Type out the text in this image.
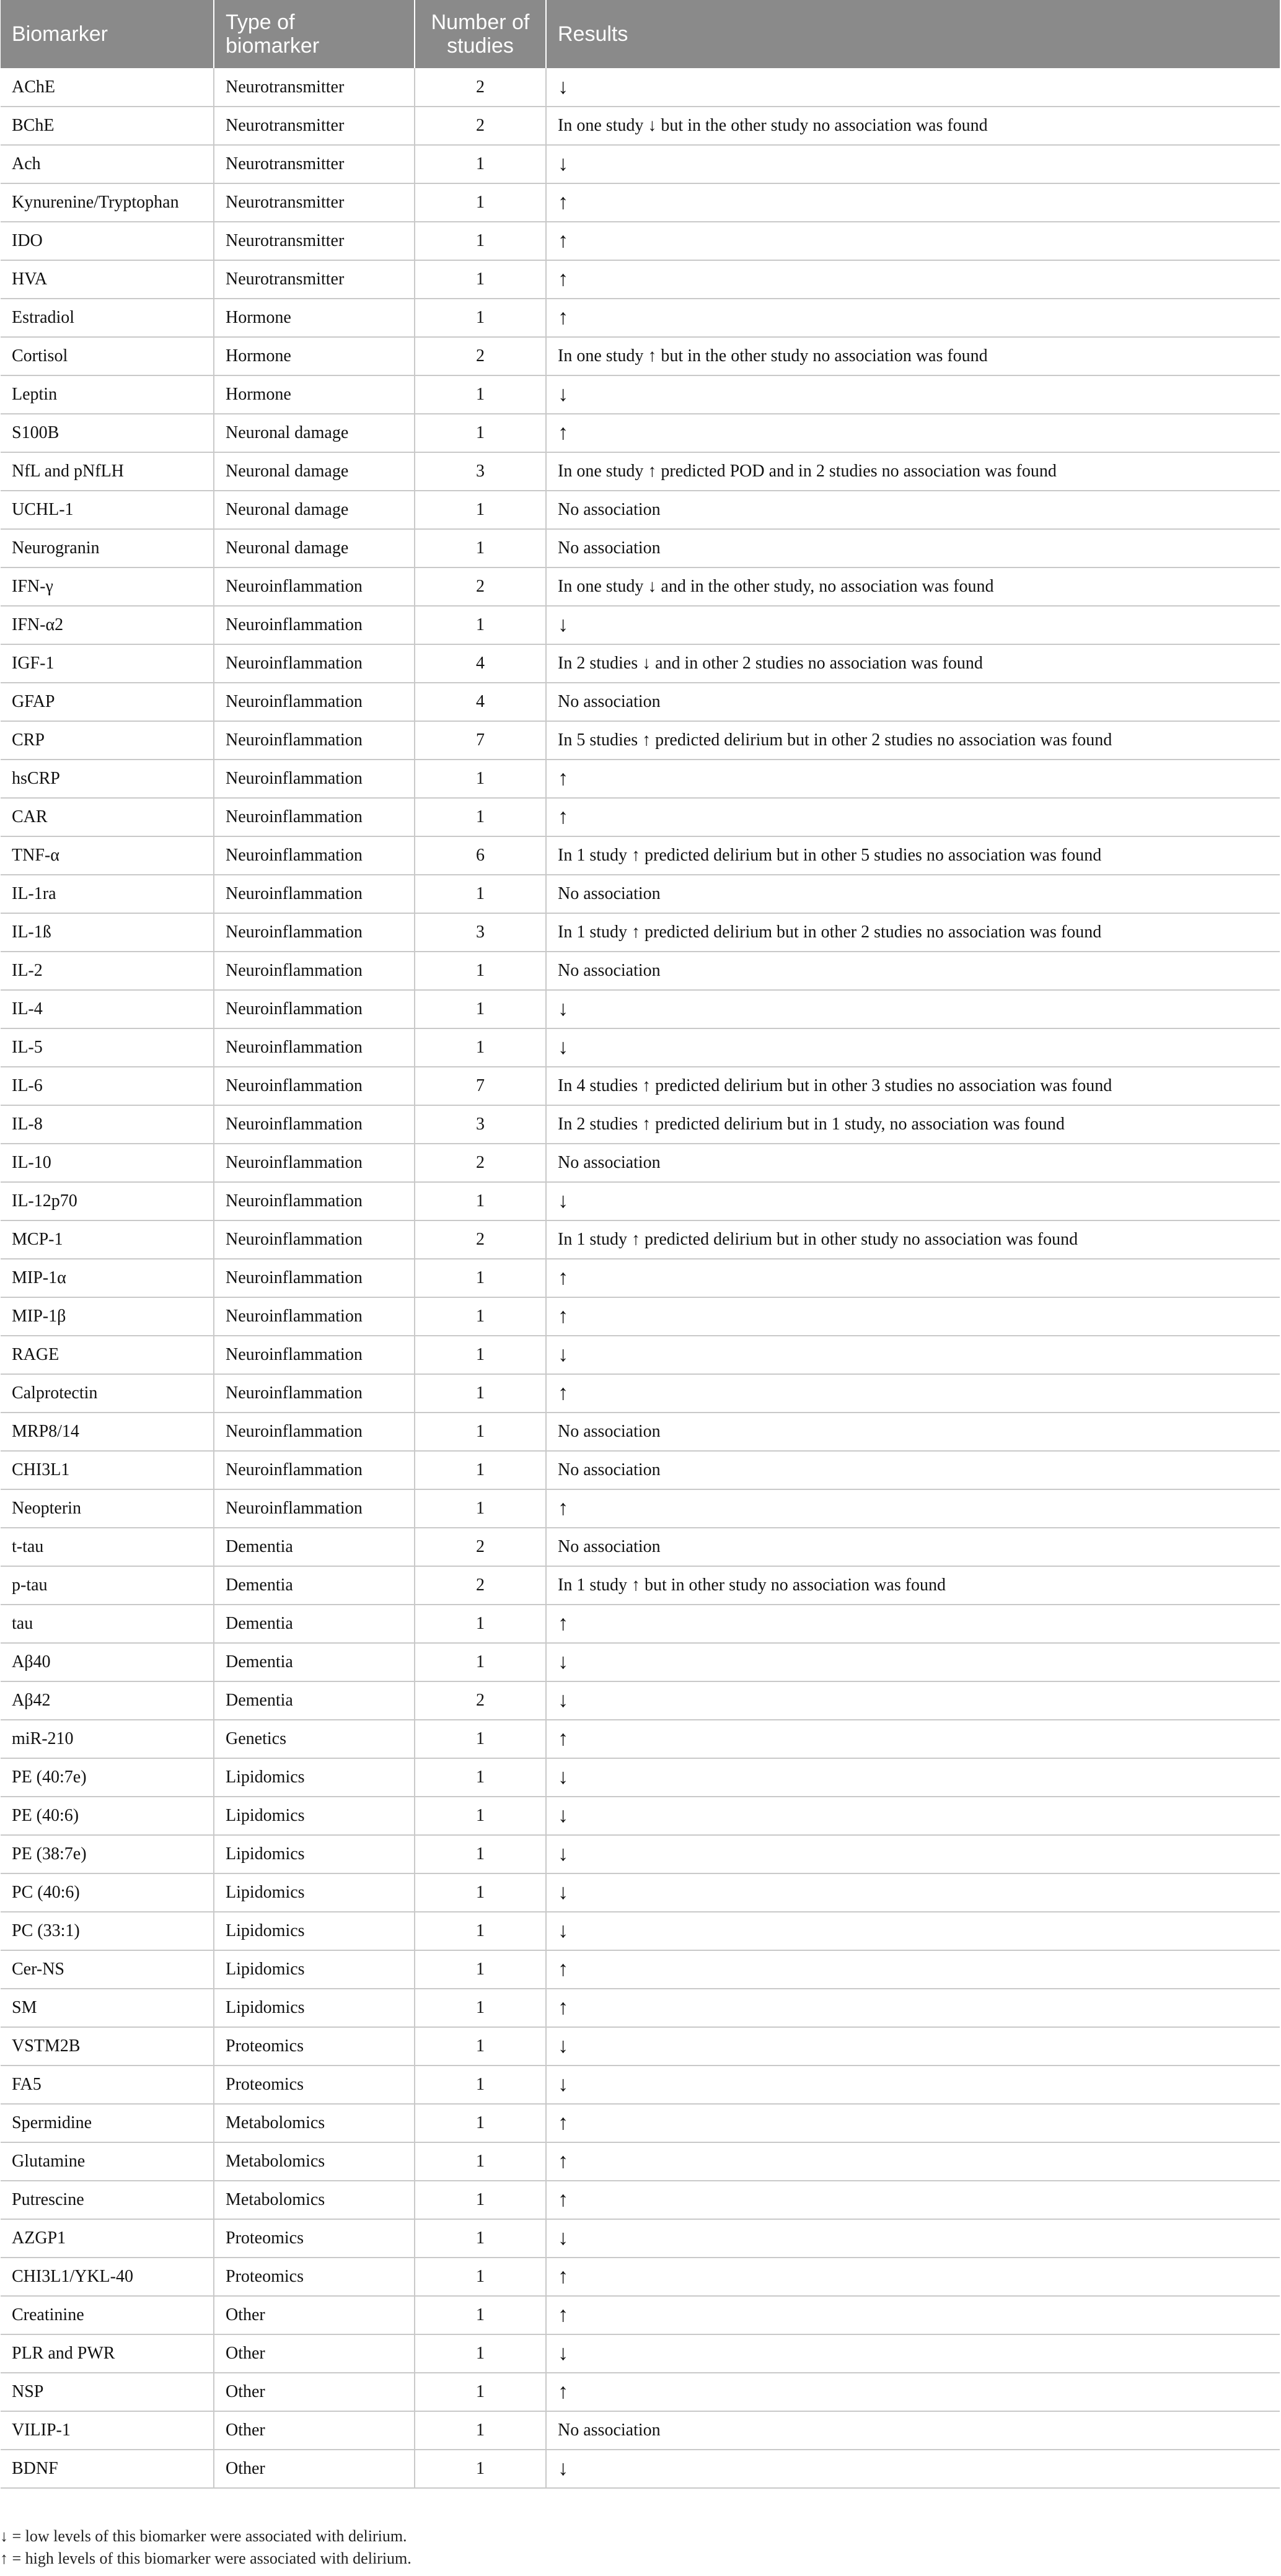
Biomarker	Type of biomarker	Number of studies	Results
AChE	Neurotransmitter	2	↓
BChE	Neurotransmitter	2	In one study ↓ but in the other study no association was found
Ach	Neurotransmitter	1	↓
Kynurenine/Tryptophan	Neurotransmitter	1	↑
IDO	Neurotransmitter	1	↑
HVA	Neurotransmitter	1	↑
Estradiol	Hormone	1	↑
Cortisol	Hormone	2	In one study ↑ but in the other study no association was found
Leptin	Hormone	1	↓
S100B	Neuronal damage	1	↑
NfL and pNfLH	Neuronal damage	3	In one study ↑ predicted POD and in 2 studies no association was found
UCHL-1	Neuronal damage	1	No association
Neurogranin	Neuronal damage	1	No association
IFN-γ	Neuroinflammation	2	In one study ↓ and in the other study, no association was found
IFN-α2	Neuroinflammation	1	↓
IGF-1	Neuroinflammation	4	In 2 studies ↓ and in other 2 studies no association was found
GFAP	Neuroinflammation	4	No association
CRP	Neuroinflammation	7	In 5 studies ↑ predicted delirium but in other 2 studies no association was found
hsCRP	Neuroinflammation	1	↑
CAR	Neuroinflammation	1	↑
TNF-α	Neuroinflammation	6	In 1 study ↑ predicted delirium but in other 5 studies no association was found
IL-1ra	Neuroinflammation	1	No association
IL-1ß	Neuroinflammation	3	In 1 study ↑ predicted delirium but in other 2 studies no association was found
IL-2	Neuroinflammation	1	No association
IL-4	Neuroinflammation	1	↓
IL-5	Neuroinflammation	1	↓
IL-6	Neuroinflammation	7	In 4 studies ↑ predicted delirium but in other 3 studies no association was found
IL-8	Neuroinflammation	3	In 2 studies ↑ predicted delirium but in 1 study, no association was found
IL-10	Neuroinflammation	2	No association
IL-12p70	Neuroinflammation	1	↓
MCP-1	Neuroinflammation	2	In 1 study ↑ predicted delirium but in other study no association was found
MIP-1α	Neuroinflammation	1	↑
MIP-1β	Neuroinflammation	1	↑
RAGE	Neuroinflammation	1	↓
Calprotectin	Neuroinflammation	1	↑
MRP8/14	Neuroinflammation	1	No association
CHI3L1	Neuroinflammation	1	No association
Neopterin	Neuroinflammation	1	↑
t-tau	Dementia	2	No association
p-tau	Dementia	2	In 1 study ↑ but in other study no association was found
tau	Dementia	1	↑
Aβ40	Dementia	1	↓
Aβ42	Dementia	2	↓
miR-210	Genetics	1	↑
PE (40:7e)	Lipidomics	1	↓
PE (40:6)	Lipidomics	1	↓
PE (38:7e)	Lipidomics	1	↓
PC (40:6)	Lipidomics	1	↓
PC (33:1)	Lipidomics	1	↓
Cer-NS	Lipidomics	1	↑
SM	Lipidomics	1	↑
VSTM2B	Proteomics	1	↓
FA5	Proteomics	1	↓
Spermidine	Metabolomics	1	↑
Glutamine	Metabolomics	1	↑
Putrescine	Metabolomics	1	↑
AZGP1	Proteomics	1	↓
CHI3L1/YKL-40	Proteomics	1	↑
Creatinine	Other	1	↑
PLR and PWR	Other	1	↓
NSP	Other	1	↑
VILIP-1	Other	1	No association
BDNF	Other	1	↓

↓ = low levels of this biomarker were associated with delirium.

↑ = high levels of this biomarker were associated with delirium.
